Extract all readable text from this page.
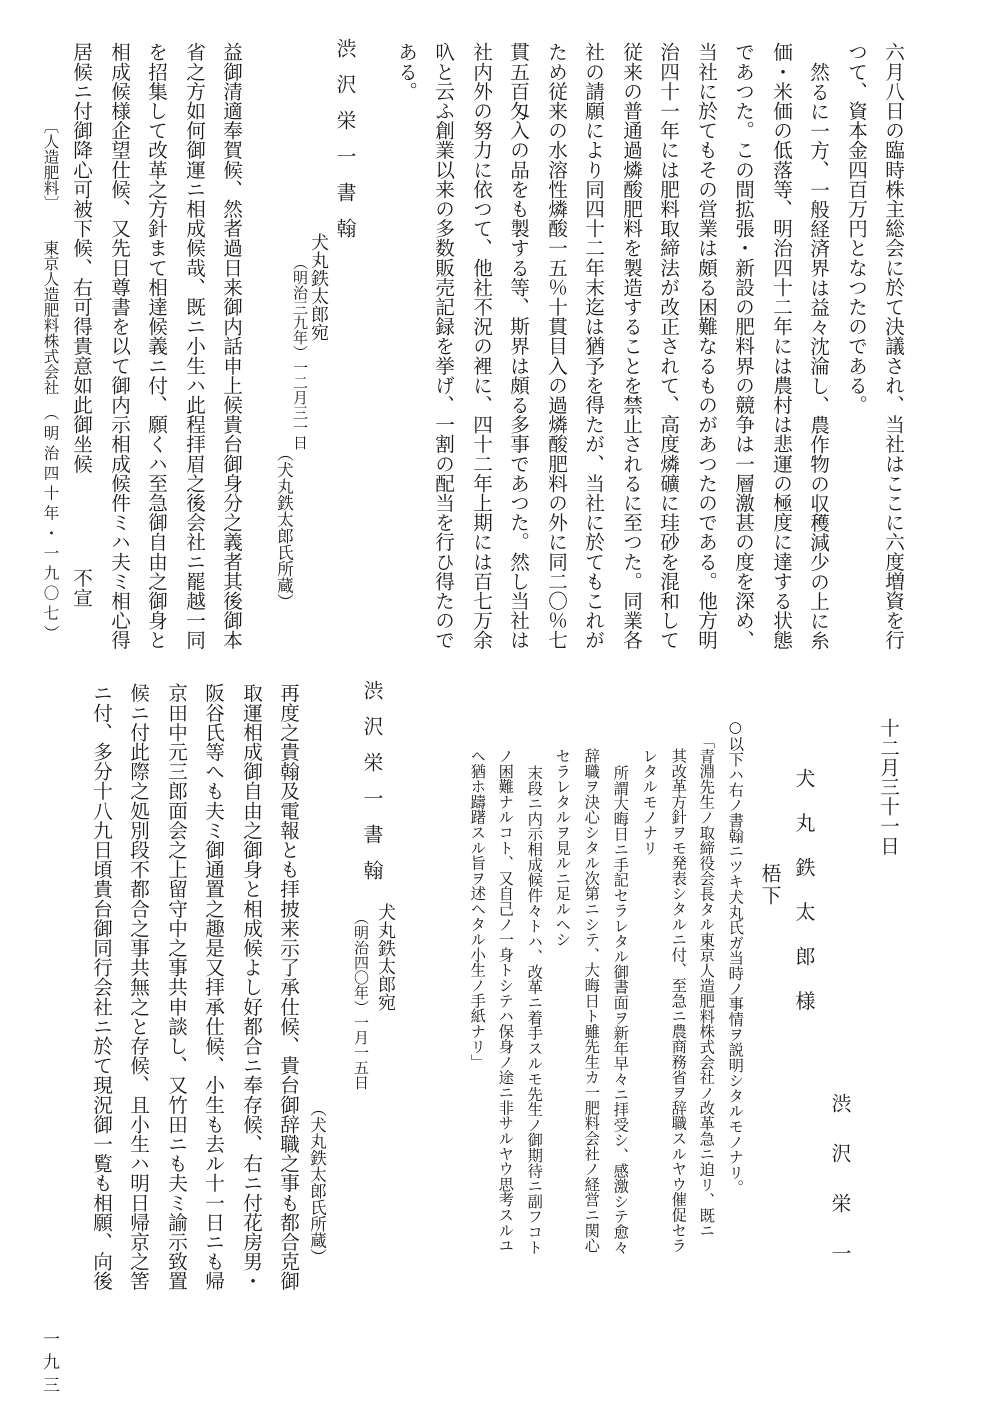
六月八日の臨時株主総会に於て決議され、当社はここに六度増資を行
つて、資本金四百万円となつたのである。
然るに一方、一般経済界は益々沈淪し、農作物の収穫減少の上に糸
価・米価の低落等、明治四十二年には農村は悲運の極度に達する状態
であつた。この間拡張・新設の肥料界の競争は一層激甚の度を深め、
当社に於てもその営業は頗る困難なるものがあつたのである。他方明
治四十一年には肥料取締法が改正されて、高度燐礦に珪砂を混和して
従来の普通過燐酸肥料を製造することを禁止されるに至つた。同業各
社の請願により同四十二年末迄は猶予を得たが、当社に於てもこれが
ため従来の水溶性燐酸一五％十貫目入の過燐酸肥料の外に同二〇％七
貫五百匁入の品をも製する等、斯界は頗る多事であつた。然し当社は
社内外の努力に依つて、他社不況の裡に、四十二年上期には百七万余
叺と云ふ創業以来の多数販売記録を挙げ、一割の配当を行ひ得たので
ある。
渋沢栄一書翰
犬丸鉄太郎宛
（明治三九年）一二月三一日
（犬丸鉄太郎氏所蔵）
益御清適奉賀候、然者過日来御内話申上候貴台御身分之義者其後御本
省之方如何御運ニ相成候哉、既ニ小生ハ此程拝眉之後会社ニ罷越一同
を招集して改革之方針まて相達候義ニ付、願くハ至急御自由之御身と
相成候様企望仕候、又先日尊書を以て御内示相成候件ミハ夫ミ相心得
居候ニ付御降心可被下候、右可得貴意如此御坐候
不宣
〔人造肥料〕
東京人造肥料株式会社
（明治四十年・一九〇七）
十二月三十一日
渋沢栄一
犬丸鉄太郎様
梧下
○以下ハ右ノ書翰ニツキ犬丸氏ガ当時ノ事情ヲ説明シタルモノナリ。
「青淵先生ノ取締役会長タル東京人造肥料株式会社ノ改革急ニ迫リ、既ニ
其改革方針ヲモ発表シタルニ付、至急ニ農商務省ヲ辞職スルヤウ催促セラ
レタルモノナリ
所謂大晦日ニ手記セラレタル御書面ヲ新年早々ニ拝受シ、感激シテ愈々
辞職ヲ決心シタル次第ニシテ、大晦日ト雖先生カ一肥料会社ノ経営ニ関心
セラレタルヲ見ルニ足ルヘシ
末段ニ内示相成候件々トハ、改革ニ着手スルモ先生ノ御期待ニ副フコト
ノ困難ナルコト、又自己ノ一身トシテハ保身ノ途ニ非サルヤウ思考スルユ
ヘ猶ホ躊躇スル旨ヲ述ヘタル小生ノ手紙ナリ」
渋沢栄一書翰
犬丸鉄太郎宛
（明治四〇年）一月一五日
（犬丸鉄太郎氏所蔵）
再度之貴翰及電報とも拝披来示了承仕候、貴台御辞職之事も都合克御
取運相成御自由之御身と相成候よし好都合ニ奉存候、右ニ付花房男・
阪谷氏等へも夫ミ御通置之趣是又拝承仕候、小生も去ル十一日ニも帰
京田中元三郎面会之上留守中之事共申談し、又竹田ニも夫ミ諭示致置
候ニ付此際之処別段不都合之事共無之と存候、且小生ハ明日帰京之筈
ニ付、多分十八九日頃貴台御同行会社ニ於て現況御一覧も相願、向後
一九三
